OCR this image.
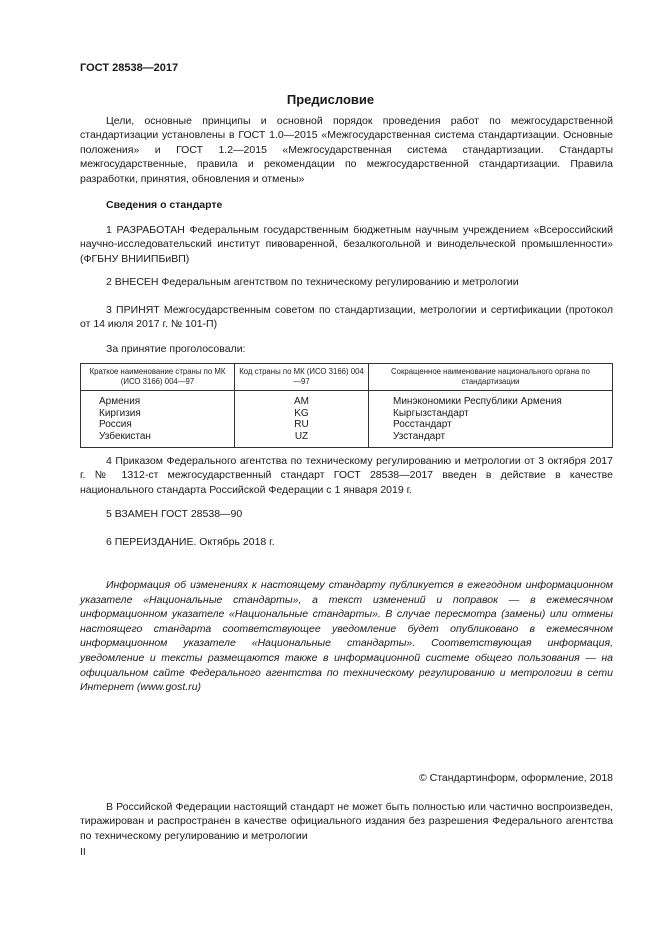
ГОСТ 28538—2017
Предисловие
Цели, основные принципы и основной порядок проведения работ по межгосударственной стандартизации установлены в ГОСТ 1.0—2015 «Межгосударственная система стандартизации. Основные положения» и ГОСТ 1.2—2015 «Межгосударственная система стандартизации. Стандарты межгосударственные, правила и рекомендации по межгосударственной стандартизации. Правила разработки, принятия, обновления и отмены»
Сведения о стандарте
1 РАЗРАБОТАН Федеральным государственным бюджетным научным учреждением «Всероссийский научно-исследовательский институт пивоваренной, безалкогольной и винодельческой промышленности» (ФГБНУ ВНИИПБиВП)
2 ВНЕСЕН Федеральным агентством по техническому регулированию и метрологии
3 ПРИНЯТ Межгосударственным советом по стандартизации, метрологии и сертификации (протокол от 14 июля 2017 г. № 101-П)
За принятие проголосовали:
Краткое наименование страны по МК (ИСО 3166) 004—97	Код страны по МК (ИСО 3166) 004—97	Сокращенное наименование национального органа по стандартизации
Армения	AM	Минэкономики Республики Армения
Киргизия	KG	Кыргызстандарт
Россия	RU	Росстандарт
Узбекистан	UZ	Узстандарт
4 Приказом Федерального агентства по техническому регулированию и метрологии от 3 октября 2017 г. № 1312-ст межгосударственный стандарт ГОСТ 28538—2017 введен в действие в качестве национального стандарта Российской Федерации с 1 января 2019 г.
5 ВЗАМЕН ГОСТ 28538—90
6 ПЕРЕИЗДАНИЕ. Октябрь 2018 г.
Информация об изменениях к настоящему стандарту публикуется в ежегодном информационном указателе «Национальные стандарты», а текст изменений и поправок — в ежемесячном информационном указателе «Национальные стандарты». В случае пересмотра (замены) или отмены настоящего стандарта соответствующее уведомление будет опубликовано в ежемесячном информационном указателе «Национальные стандарты». Соответствующая информация, уведомление и тексты размещаются также в информационной системе общего пользования — на официальном сайте Федерального агентства по техническому регулированию и метрологии в сети Интернет (www.gost.ru)
© Стандартинформ, оформление, 2018
В Российской Федерации настоящий стандарт не может быть полностью или частично воспроизведен, тиражирован и распространен в качестве официального издания без разрешения Федерального агентства по техническому регулированию и метрологии
II
